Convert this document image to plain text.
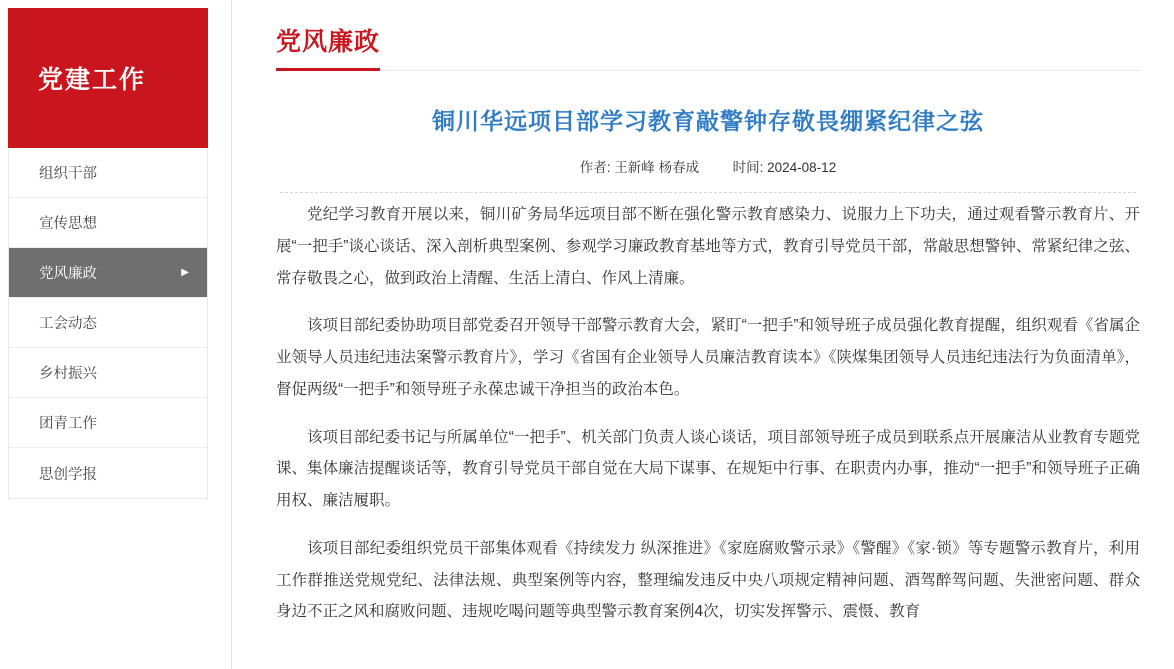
党建工作
组织干部
宣传思想
党风廉政	▶
工会动态
乡村振兴
团青工作
思创学报
党风廉政
铜川华远项目部学习教育敲警钟存敬畏绷紧纪律之弦
作者: 王新峰 杨春成 时间: 2024-08-12

党纪学习教育开展以来，铜川矿务局华远项目部不断在强化警示教育感染力、说服力上下功夫，通过观看警示教育片、开展“一把手”谈心谈话、深入剖析典型案例、参观学习廉政教育基地等方式，教育引导党员干部，常敲思想警钟、常紧纪律之弦、常存敬畏之心，做到政治上清醒、生活上清白、作风上清廉。

该项目部纪委协助项目部党委召开领导干部警示教育大会，紧盯“一把手”和领导班子成员强化教育提醒，组织观看《省属企业领导人员违纪违法案警示教育片》，学习《省国有企业领导人员廉洁教育读本》《陕煤集团领导人员违纪违法行为负面清单》，督促两级“一把手”和领导班子永葆忠诚干净担当的政治本色。

该项目部纪委书记与所属单位“一把手”、机关部门负责人谈心谈话，项目部领导班子成员到联系点开展廉洁从业教育专题党课、集体廉洁提醒谈话等，教育引导党员干部自觉在大局下谋事、在规矩中行事、在职责内办事，推动“一把手”和领导班子正确用权、廉洁履职。

该项目部纪委组织党员干部集体观看《持续发力 纵深推进》《家庭腐败警示录》《警醒》《家·锁》等专题警示教育片，利用工作群推送党规党纪、法律法规、典型案例等内容，整理编发违反中央八项规定精神问题、酒驾醉驾问题、失泄密问题、群众身边不正之风和腐败问题、违规吃喝问题等典型警示教育案例4次，切实发挥警示、震慑、教育
